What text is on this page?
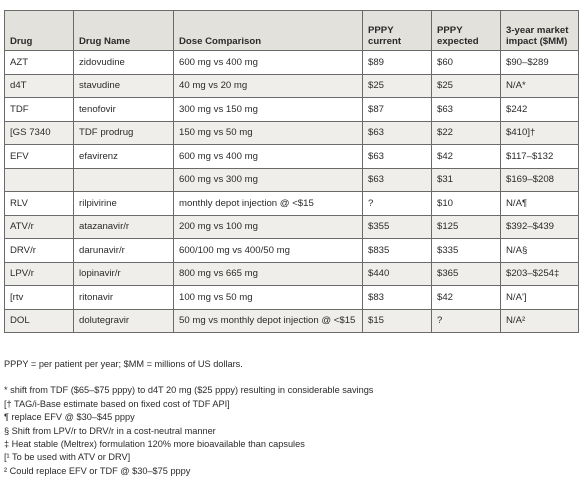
Drug	Drug Name	Dose Comparison	PPPY current	PPPY expected	3-year market impact ($MM)
AZT	zidovudine	600 mg vs 400 mg	$89	$60	$90–$289
d4T	stavudine	40 mg vs 20 mg	$25	$25	N/A*
TDF	tenofovir	300 mg vs 150 mg	$87	$63	$242
[GS 7340	TDF prodrug	150 mg vs 50 mg	$63	$22	$410]†
EFV	efavirenz	600 mg vs 400 mg	$63	$42	$117–$132
		600 mg vs 300 mg	$63	$31	$169–$208
RLV	rilpivirine	monthly depot injection @ <$15	?	$10	N/A¶
ATV/r	atazanavir/r	200 mg vs 100 mg	$355	$125	$392–$439
DRV/r	darunavir/r	600/100 mg vs 400/50 mg	$835	$335	N/A§
LPV/r	lopinavir/r	800 mg vs 665 mg	$440	$365	$203–$254‡
[rtv	ritonavir	100 mg vs 50 mg	$83	$42	N/A']
DOL	dolutegravir	50 mg vs monthly depot injection @ <$15	$15	?	N/A²
PPPY = per patient per year; $MM = millions of US dollars.
* shift from TDF ($65–$75 pppy) to d4T 20 mg ($25 pppy) resulting in considerable savings
[† TAG/i-Base estimate based on fixed cost of TDF API]
¶ replace EFV @ $30–$45 pppy
§ Shift from LPV/r to DRV/r in a cost-neutral manner
‡ Heat stable (Meltrex) formulation 120% more bioavailable than capsules
[¹ To be used with ATV or DRV]
² Could replace EFV or TDF @ $30–$75 pppy
